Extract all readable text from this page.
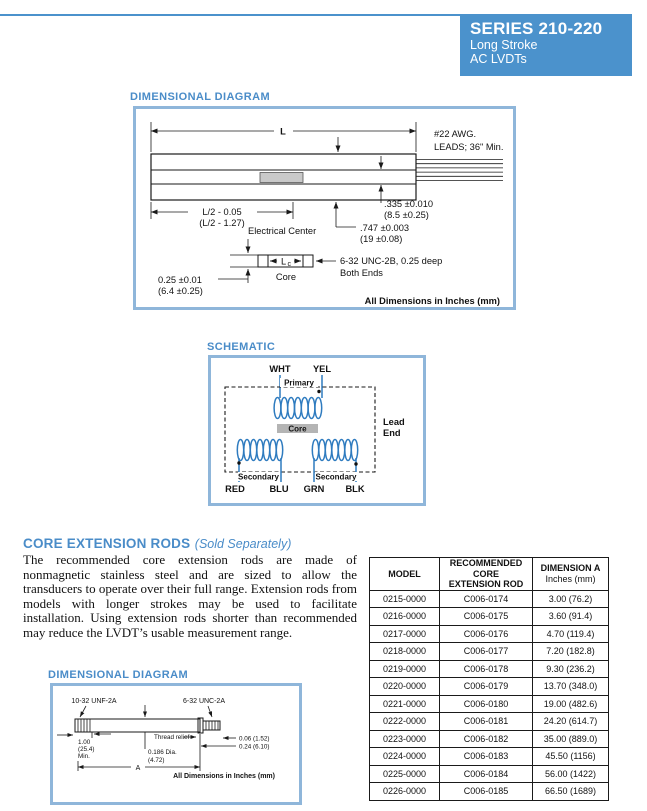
SERIES 210-220
Long Stroke
AC LVDTs
DIMENSIONAL DIAGRAM
L	#22 AWG.
LEADS; 36" Min.
.335 ±0.010
(8.5 ±0.25)
L/2 - 0.05
(L/2 - 1.27)
Electrical Center	.747 ±0.003
(19 ±0.08)
L c
Core
0.25 ±0.01
(6.4 ±0.25)
6-32 UNC-2B, 0.25 deep
Both Ends
All Dimensions in Inches (mm)
SCHEMATIC
WHT YEL
Primary
Core
Secondary	Secondary
RED	BLU GRN BLK
Lead
End
CORE EXTENSION RODS (Sold Separately)
The recommended core extension rods are made of nonmagnetic stainless steel and are sized to allow the transducers to operate over their full range. Extension rods from models with longer strokes may be used to facilitate installation. Using extension rods shorter than recommended may reduce the LVDT’s usable measurement range.
MODEL	
RECOMMENDED CORE
EXTENSION ROD

DIMENSION A
Inches (mm)

0215-0000	C006-0174	3.00 (76.2)
0216-0000	C006-0175	3.60 (91.4)
0217-0000	C006-0176	4.70 (119.4)
0218-0000	C006-0177	7.20 (182.8)
0219-0000	C006-0178	9.30 (236.2)
0220-0000	C006-0179	13.70 (348.0)
0221-0000	C006-0180	19.00 (482.6)
0222-0000	C006-0181	24.20 (614.7)
0223-0000	C006-0182	35.00 (889.0)
0224-0000	C006-0183	45.50 (1156)
0225-0000	C006-0184	56.00 (1422)
0226-0000	C006-0185	66.50 (1689)
DIMENSIONAL DIAGRAM
10-32 UNF-2A	6-32 UNC-2A
1.00
(25.4)
Min.
Thread relief	0.06 (1.52)
0.24 (6.10)
0.186 Dia.
(4.72)
A
All Dimensions in Inches (mm)
